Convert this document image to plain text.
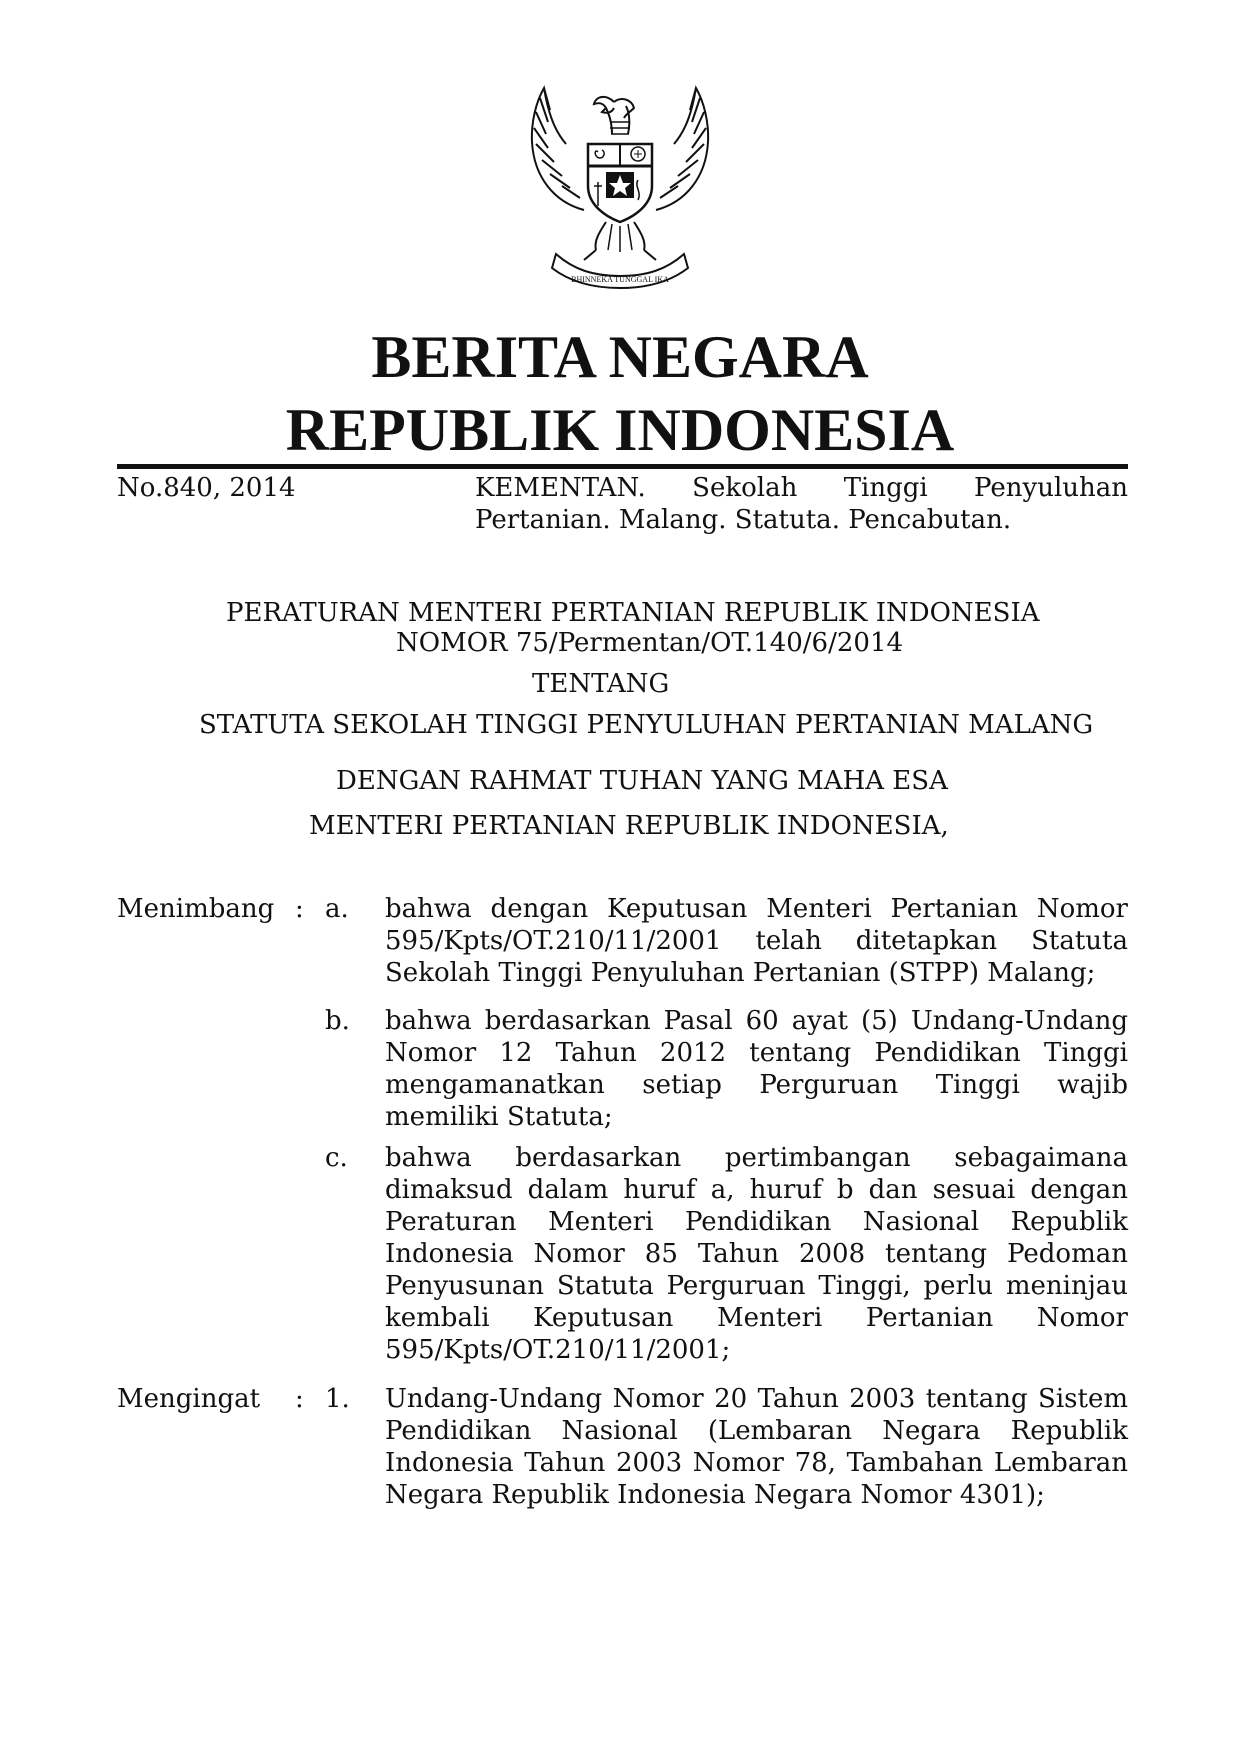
BHINNEKA TUNGGAL IKA
BERITA NEGARA
REPUBLIK INDONESIA
No.840, 2014	KEMENTAN. Sekolah Tinggi Penyuluhan
Pertanian. Malang. Statuta. Pencabutan.
PERATURAN MENTERI PERTANIAN REPUBLIK INDONESIA
NOMOR 75/Permentan/OT.140/6/2014
TENTANG
STATUTA SEKOLAH TINGGI PENYULUHAN PERTANIAN MALANG
DENGAN RAHMAT TUHAN YANG MAHA ESA
MENTERI PERTANIAN REPUBLIK INDONESIA,
Menimbang : a. bahwa dengan Keputusan Menteri Pertanian Nomor 595/Kpts/OT.210/11/2001 telah ditetapkan Statuta Sekolah Tinggi Penyuluhan Pertanian (STPP) Malang;
b. bahwa berdasarkan Pasal 60 ayat (5) Undang-Undang Nomor 12 Tahun 2012 tentang Pendidikan Tinggi mengamanatkan setiap Perguruan Tinggi wajib memiliki Statuta;
c. bahwa berdasarkan pertimbangan sebagaimana dimaksud dalam huruf a, huruf b dan sesuai dengan Peraturan Menteri Pendidikan Nasional Republik Indonesia Nomor 85 Tahun 2008 tentang Pedoman Penyusunan Statuta Perguruan Tinggi, perlu meninjau kembali Keputusan Menteri Pertanian Nomor 595/Kpts/OT.210/11/2001;
Mengingat : 1. Undang-Undang Nomor 20 Tahun 2003 tentang Sistem Pendidikan Nasional (Lembaran Negara Republik Indonesia Tahun 2003 Nomor 78, Tambahan Lembaran Negara Republik Indonesia Negara Nomor 4301);
